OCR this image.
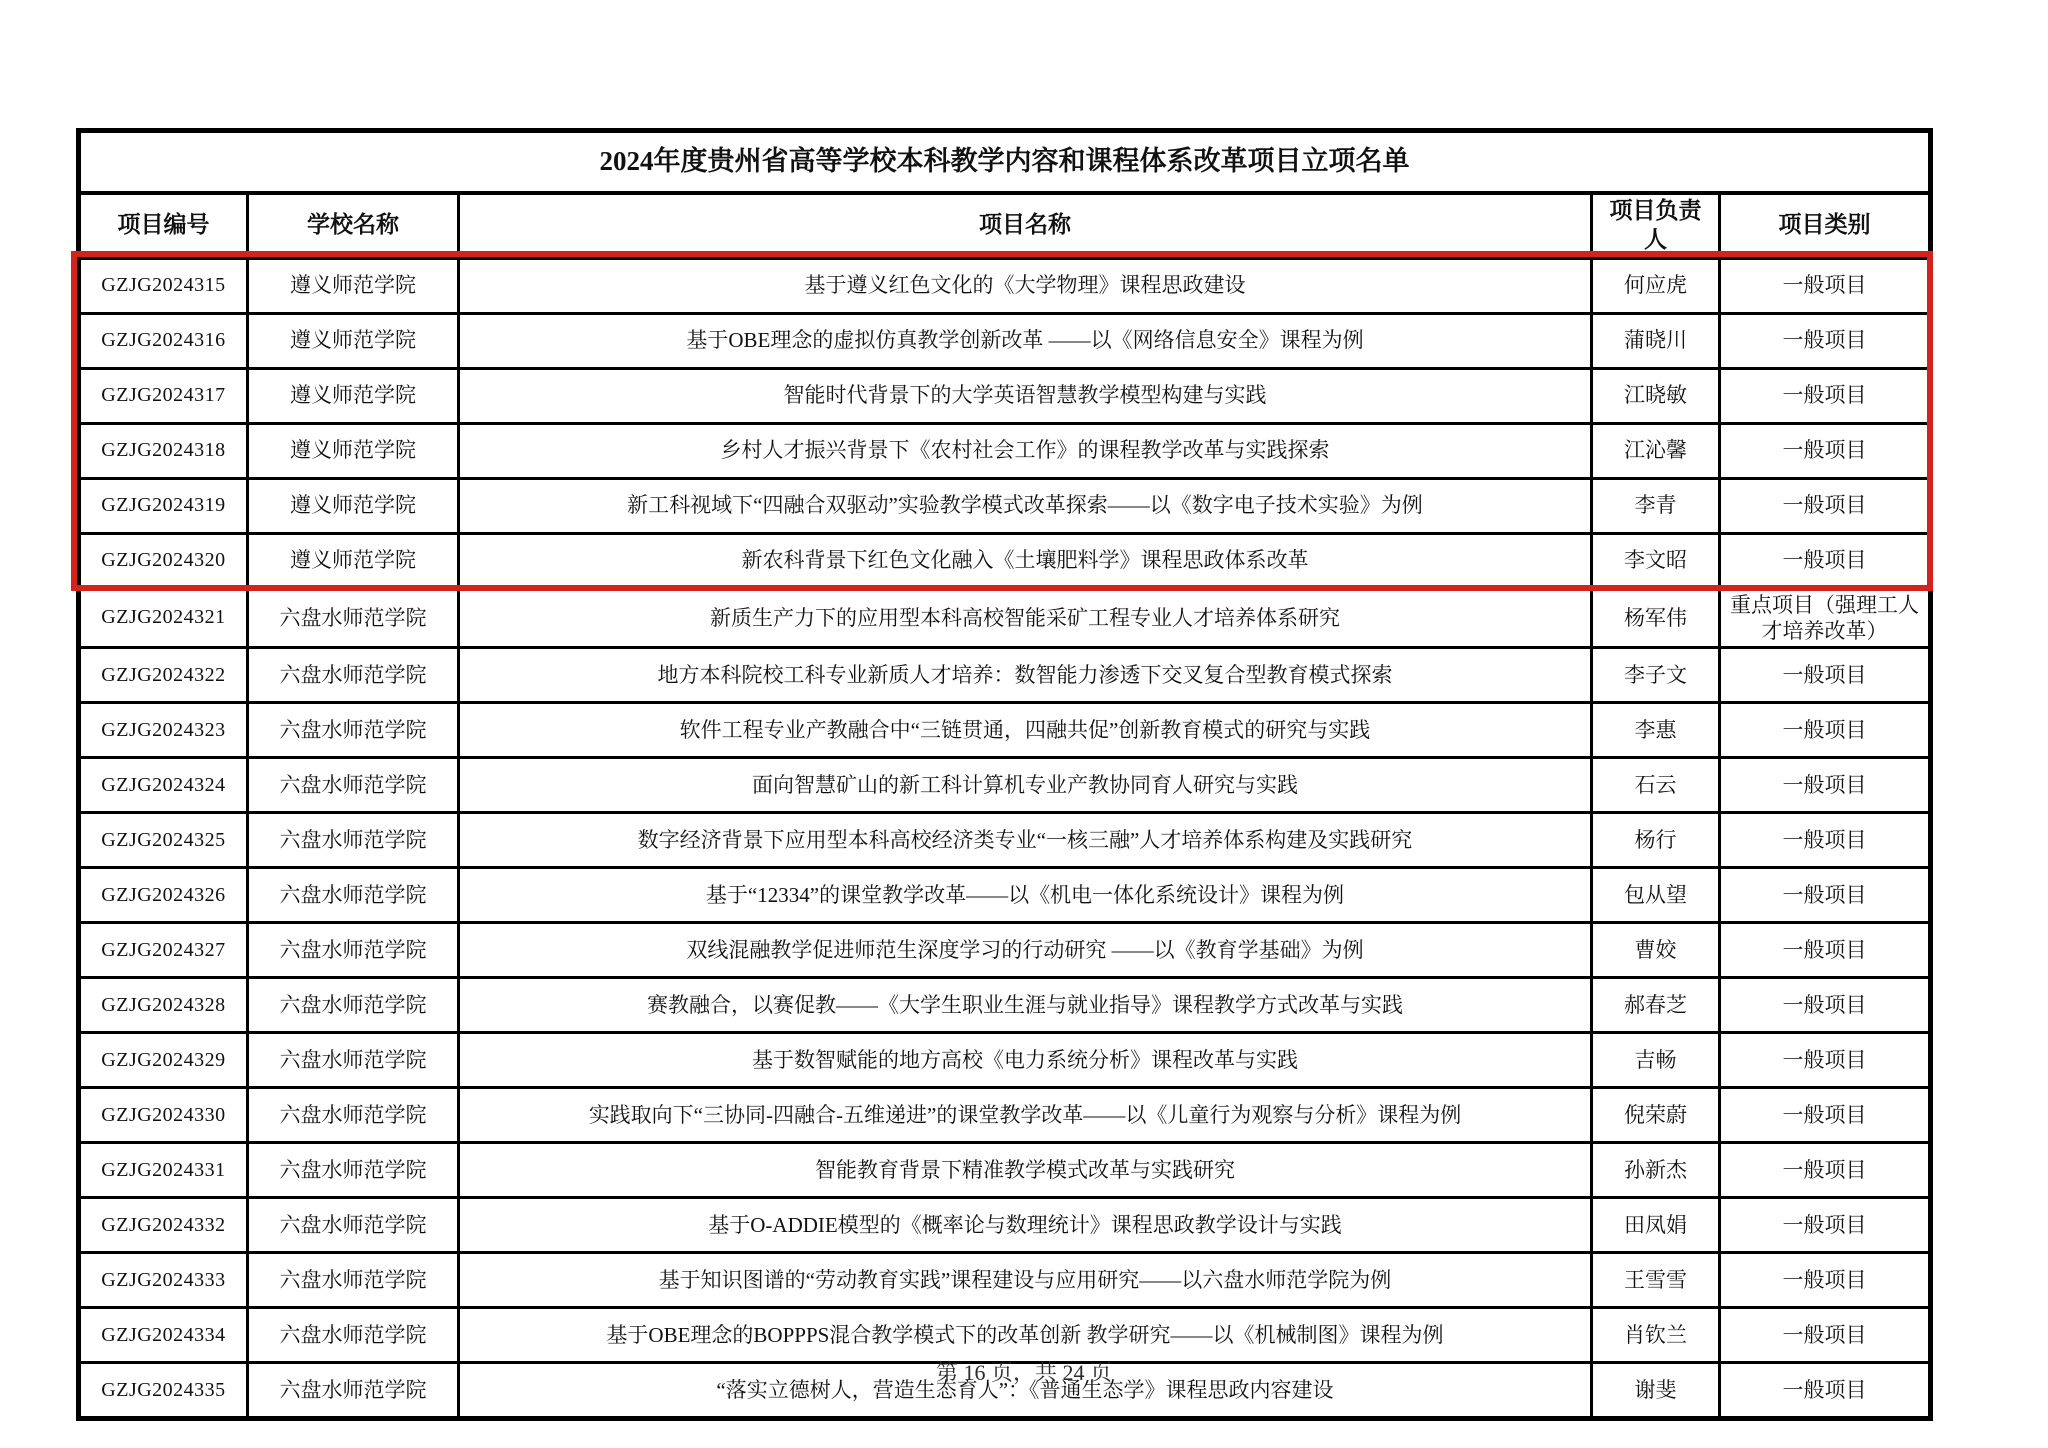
2024年度贵州省高等学校本科教学内容和课程体系改革项目立项名单				
项目编号	学校名称	项目名称	项目负责人	项目类别
GZJG2024315	遵义师范学院	基于遵义红色文化的《大学物理》课程思政建设	何应虎	一般项目
GZJG2024316	遵义师范学院	基于OBE理念的虚拟仿真教学创新改革 ——以《网络信息安全》课程为例	蒲晓川	一般项目
GZJG2024317	遵义师范学院	智能时代背景下的大学英语智慧教学模型构建与实践	江晓敏	一般项目
GZJG2024318	遵义师范学院	乡村人才振兴背景下《农村社会工作》的课程教学改革与实践探索	江沁馨	一般项目
GZJG2024319	遵义师范学院	新工科视域下“四融合双驱动”实验教学模式改革探索——以《数字电子技术实验》为例	李青	一般项目
GZJG2024320	遵义师范学院	新农科背景下红色文化融入《土壤肥料学》课程思政体系改革	李文昭	一般项目
GZJG2024321	六盘水师范学院	新质生产力下的应用型本科高校智能采矿工程专业人才培养体系研究	杨军伟	重点项目（强理工人才培养改革）
GZJG2024322	六盘水师范学院	地方本科院校工科专业新质人才培养：数智能力渗透下交叉复合型教育模式探索	李子文	一般项目
GZJG2024323	六盘水师范学院	软件工程专业产教融合中“三链贯通，四融共促”创新教育模式的研究与实践	李惠	一般项目
GZJG2024324	六盘水师范学院	面向智慧矿山的新工科计算机专业产教协同育人研究与实践	石云	一般项目
GZJG2024325	六盘水师范学院	数字经济背景下应用型本科高校经济类专业“一核三融”人才培养体系构建及实践研究	杨行	一般项目
GZJG2024326	六盘水师范学院	基于“12334”的课堂教学改革——以《机电一体化系统设计》课程为例	包从望	一般项目
GZJG2024327	六盘水师范学院	双线混融教学促进师范生深度学习的行动研究 ——以《教育学基础》为例	曹姣	一般项目
GZJG2024328	六盘水师范学院	赛教融合，以赛促教——《大学生职业生涯与就业指导》课程教学方式改革与实践	郝春芝	一般项目
GZJG2024329	六盘水师范学院	基于数智赋能的地方高校《电力系统分析》课程改革与实践	吉畅	一般项目
GZJG2024330	六盘水师范学院	实践取向下“三协同-四融合-五维递进”的课堂教学改革——以《儿童行为观察与分析》课程为例	倪荣蔚	一般项目
GZJG2024331	六盘水师范学院	智能教育背景下精准教学模式改革与实践研究	孙新杰	一般项目
GZJG2024332	六盘水师范学院	基于O-ADDIE模型的《概率论与数理统计》课程思政教学设计与实践	田凤娟	一般项目
GZJG2024333	六盘水师范学院	基于知识图谱的“劳动教育实践”课程建设与应用研究——以六盘水师范学院为例	王雪雪	一般项目
GZJG2024334	六盘水师范学院	基于OBE理念的BOPPPS混合教学模式下的改革创新 教学研究——以《机械制图》课程为例	肖钦兰	一般项目
GZJG2024335	六盘水师范学院	“落实立德树人，营造生态育人”：《普通生态学》课程思政内容建设	谢斐	一般项目
第 16 页，共 24 页
